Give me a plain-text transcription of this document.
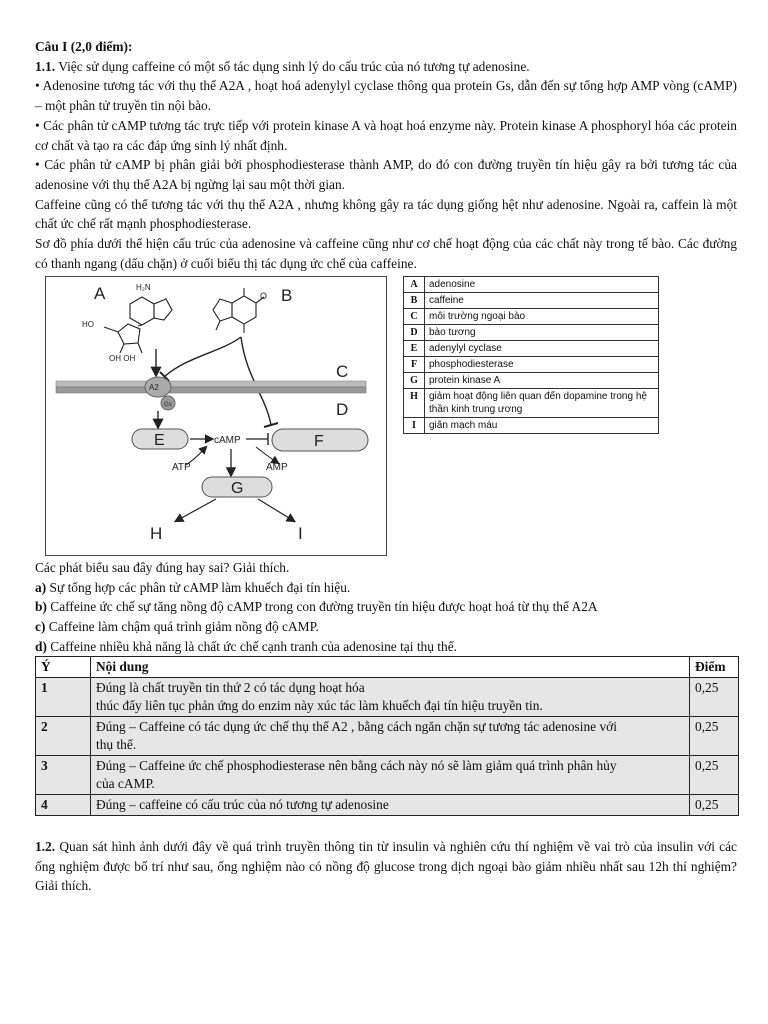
Câu I (2,0 điểm):

1.1. Việc sử dụng caffeine có một số tác dụng sinh lý do cấu trúc của nó tương tự adenosine.

• Adenosine tương tác với thụ thể A2A , hoạt hoá adenylyl cyclase thông qua protein Gs, dẫn đến sự tổng hợp AMP vòng (cAMP) – một phân tử truyền tin nội bào.

• Các phân tử cAMP tương tác trực tiếp với protein kinase A và hoạt hoá enzyme này. Protein kinase A phosphoryl hóa các protein cơ chất và tạo ra các đáp ứng sinh lý nhất định.

• Các phân tử cAMP bị phân giải bởi phosphodiesterase thành AMP, do đó con đường truyền tín hiệu gây ra bởi tương tác của adenosine với thụ thể A2A bị ngừng lại sau một thời gian.

Caffeine cũng có thể tương tác với thụ thể A2A , nhưng không gây ra tác dụng giống hệt như adenosine. Ngoài ra, caffein là một chất ức chế rất mạnh phosphodiesterase.

Sơ đồ phía dưới thể hiện cấu trúc của adenosine và caffeine cũng như cơ chế hoạt động của các chất này trong tế bào. Các đường có thanh ngang (dấu chặn) ở cuối biểu thị tác dụng ức chế của caffeine.

A	B
H₂N
HO
OH OH
O
C
D
A2
Gs
E	F
cAMP
ATP	AMP
G
H	I
A	adenosine
B	caffeine
C	môi trường ngoại bào
D	bào tương
E	adenylyl cyclase
F	phosphodiesterase
G	protein kinase A
H	giảm hoạt động liên quan đến dopamine trong hệ thần kinh trung ương
I	giãn mạch máu

Các phát biểu sau đây đúng hay sai? Giải thích.

a) Sự tổng hợp các phân tử cAMP làm khuếch đại tín hiệu.

b) Caffeine ức chế sự tăng nồng độ cAMP trong con đường truyền tín hiệu được hoạt hoá từ thụ thể A2A

c) Caffeine làm chậm quá trình giảm nồng độ cAMP.

d) Caffeine nhiều khả năng là chất ức chế cạnh tranh của adenosine tại thụ thể.

Ý	Nội dung	Điểm
1	Đúng là chất truyền tin thứ 2 có tác dụng hoạt hóa
thúc đẩy liên tục phản ứng do enzim này xúc tác làm khuếch đại tín hiệu truyền tin.	0,25
2	Đúng – Caffeine có tác dụng ức chế thụ thể A2 , bằng cách ngăn chặn sự tương tác adenosine với
thụ thể.	0,25
3	Đúng – Caffeine ức chế phosphodiesterase nên bằng cách này nó sẽ làm giảm quá trình phân hủy
của cAMP.	0,25
4	Đúng – caffeine có cấu trúc của nó tương tự adenosine	0,25
1.2. Quan sát hình ảnh dưới đây về quá trình truyền thông tin từ insulin và nghiên cứu thí nghiệm về vai trò của insulin với các ống nghiệm được bố trí như sau, ống nghiệm nào có nồng độ glucose trong dịch ngoại bào giảm nhiều nhất sau 12h thí nghiệm? Giải thích.
